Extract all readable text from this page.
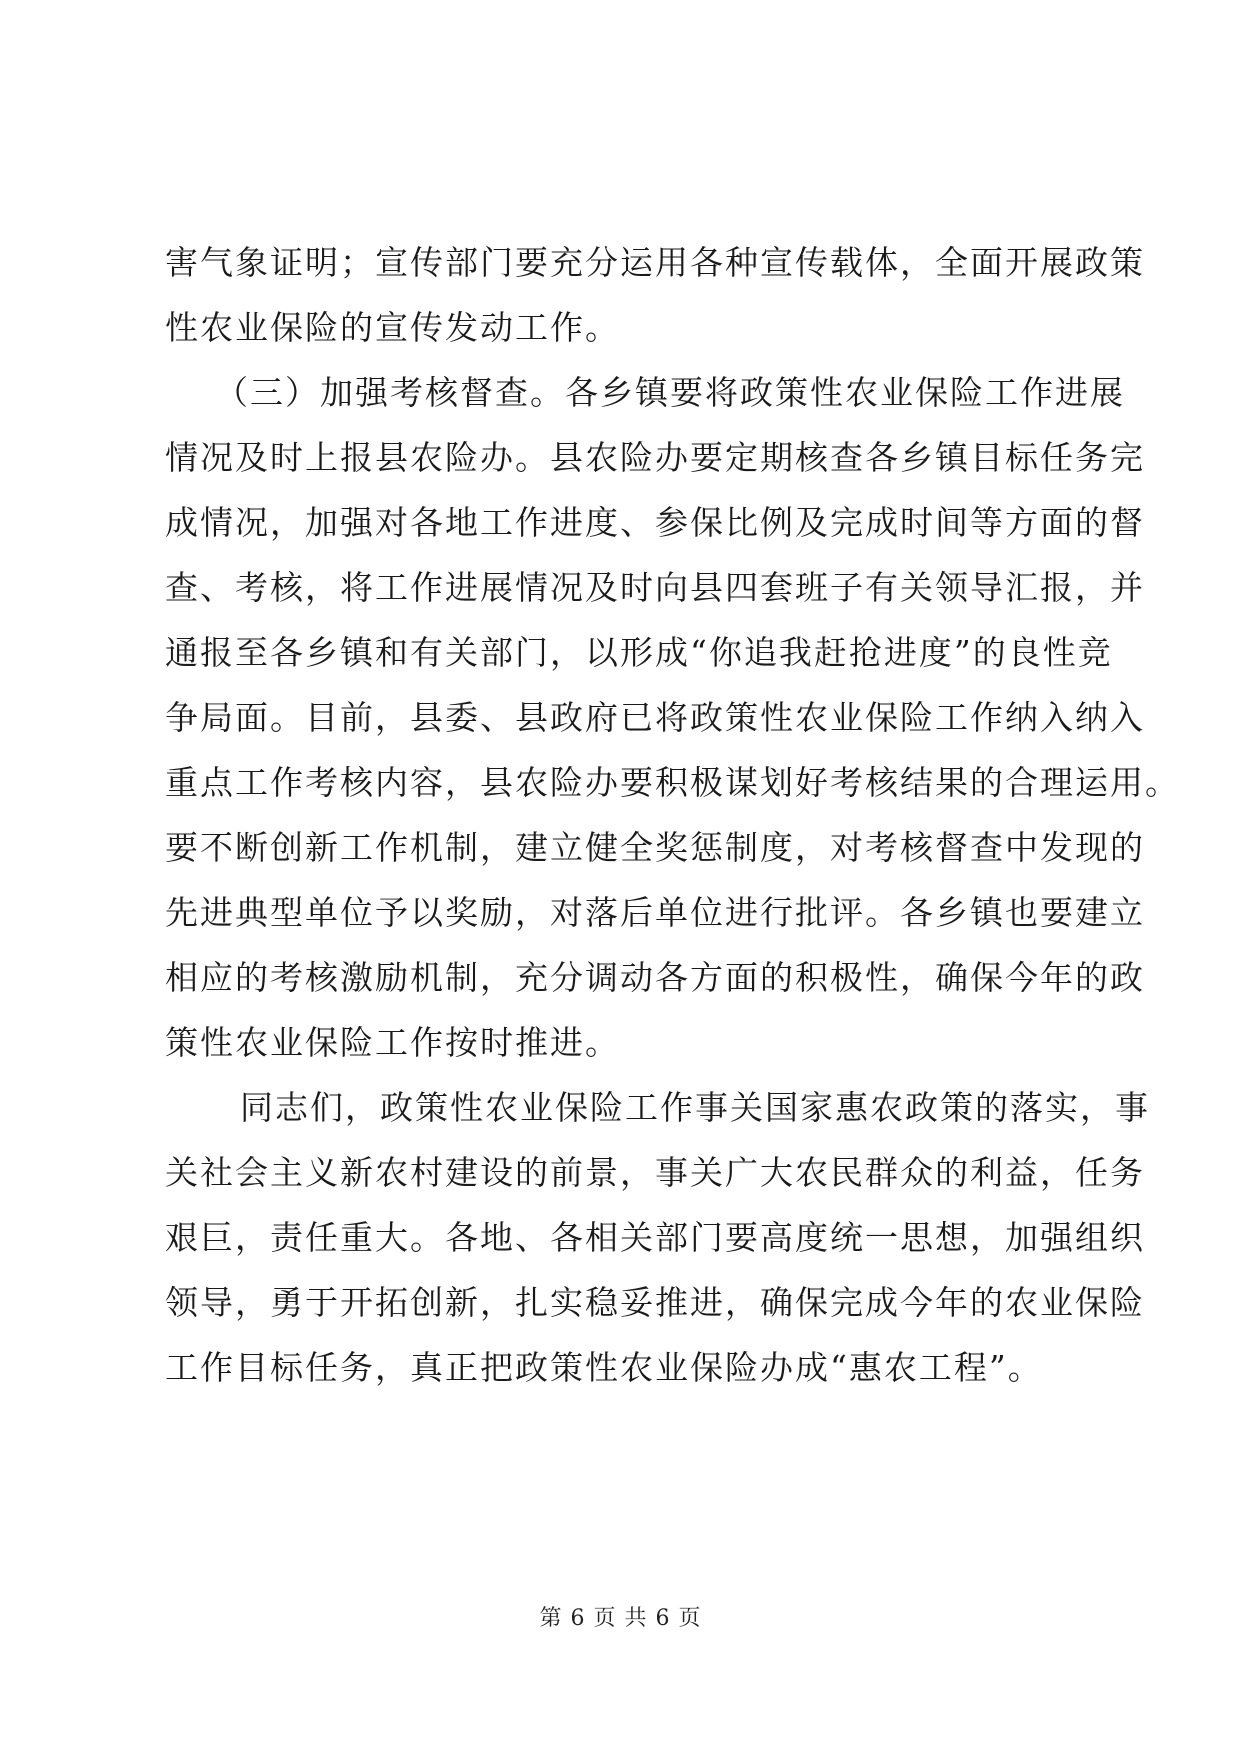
害气象证明；宣传部门要充分运用各种宣传载体，全面开展政策
性农业保险的宣传发动工作。
（三）加强考核督查。各乡镇要将政策性农业保险工作进展
情况及时上报县农险办。县农险办要定期核查各乡镇目标任务完
成情况，加强对各地工作进度、参保比例及完成时间等方面的督
查、考核，将工作进展情况及时向县四套班子有关领导汇报，并
通报至各乡镇和有关部门，以形成“你追我赶抢进度”的良性竞
争局面。目前，县委、县政府已将政策性农业保险工作纳入纳入
重点工作考核内容，县农险办要积极谋划好考核结果的合理运用。
要不断创新工作机制，建立健全奖惩制度，对考核督查中发现的
先进典型单位予以奖励，对落后单位进行批评。各乡镇也要建立
相应的考核激励机制，充分调动各方面的积极性，确保今年的政
策性农业保险工作按时推进。
同志们，政策性农业保险工作事关国家惠农政策的落实，事
关社会主义新农村建设的前景，事关广大农民群众的利益，任务
艰巨，责任重大。各地、各相关部门要高度统一思想，加强组织
领导，勇于开拓创新，扎实稳妥推进，确保完成今年的农业保险
工作目标任务，真正把政策性农业保险办成“惠农工程”。
第 6 页 共 6 页
